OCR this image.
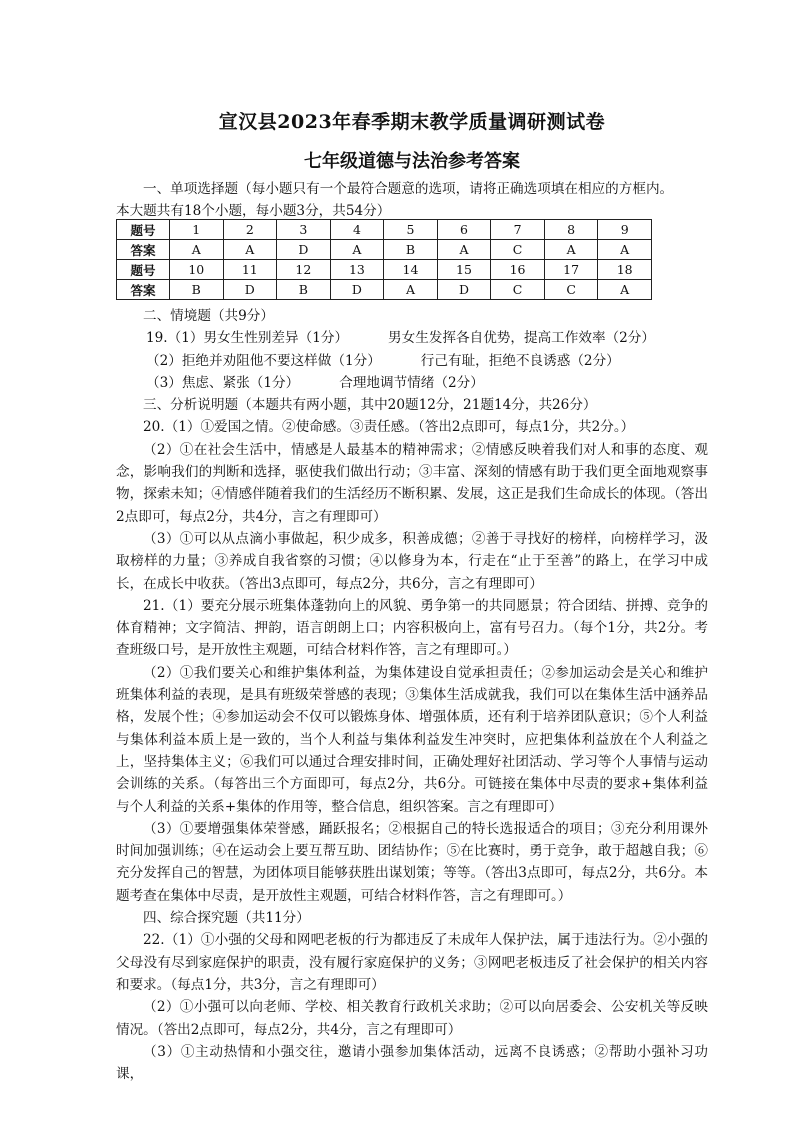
宣汉县2023年春季期末教学质量调研测试卷
七年级道德与法治参考答案

一、单项选择题（每小题只有一个最符合题意的选项，请将正确选项填在相应的方框内。

本大题共有18个小题，每小题3分，共54分）

题号	1	2	3	4	5	6	7	8	9
答案	A	A	D	A	B	A	C	A	A
题号	10	11	12	13	14	15	16	17	18
答案	B	D	B	D	A	D	C	C	A

二、情境题（共9分）

19.（1）男女生性别差异（1分）	男女生发挥各自优势，提高工作效率（2分）

（2）拒绝并劝阻他不要这样做（1分）	行己有耻，拒绝不良诱惑（2分）

（3）焦虑、紧张（1分）	合理地调节情绪（2分）

三、分析说明题（本题共有两小题，其中20题12分，21题14分，共26分）

20.（1）①爱国之情。②使命感。③责任感。（答出2点即可，每点1分，共2分。）

（2）①在社会生活中，情感是人最基本的精神需求；②情感反映着我们对人和事的态度、观念，影响我们的判断和选择，驱使我们做出行动；③丰富、深刻的情感有助于我们更全面地观察事物，探索未知；④情感伴随着我们的生活经历不断积累、发展，这正是我们生命成长的体现。（答出2点即可，每点2分，共4分，言之有理即可）

（3）①可以从点滴小事做起，积少成多，积善成德；②善于寻找好的榜样，向榜样学习，汲取榜样的力量；③养成自我省察的习惯；④以修身为本，行走在“止于至善”的路上，在学习中成长，在成长中收获。（答出3点即可，每点2分，共6分，言之有理即可）

21.（1）要充分展示班集体蓬勃向上的风貌、勇争第一的共同愿景；符合团结、拼搏、竞争的体育精神；文字简洁、押韵，语言朗朗上口；内容积极向上，富有号召力。（每个1分，共2分。考查班级口号，是开放性主观题，可结合材料作答，言之有理即可。）

（2）①我们要关心和维护集体利益，为集体建设自觉承担责任；②参加运动会是关心和维护班集体利益的表现，是具有班级荣誉感的表现；③集体生活成就我，我们可以在集体生活中涵养品格，发展个性；④参加运动会不仅可以锻炼身体、增强体质，还有利于培养团队意识；⑤个人利益与集体利益本质上是一致的，当个人利益与集体利益发生冲突时，应把集体利益放在个人利益之上，坚持集体主义；⑥我们可以通过合理安排时间，正确处理好社团活动、学习等个人事情与运动会训练的关系。（每答出三个方面即可，每点2分，共6分。可链接在集体中尽责的要求+集体利益与个人利益的关系+集体的作用等，整合信息，组织答案。言之有理即可）

（3）①要增强集体荣誉感，踊跃报名；②根据自己的特长选报适合的项目；③充分利用课外时间加强训练；④在运动会上要互帮互助、团结协作；⑤在比赛时，勇于竞争，敢于超越自我；⑥充分发挥自己的智慧，为团体项目能够获胜出谋划策；等等。（答出3点即可，每点2分，共6分。本题考查在集体中尽责，是开放性主观题，可结合材料作答，言之有理即可。）

四、综合探究题（共11分）

22.（1）①小强的父母和网吧老板的行为都违反了未成年人保护法，属于违法行为。②小强的父母没有尽到家庭保护的职责，没有履行家庭保护的义务；③网吧老板违反了社会保护的相关内容和要求。（每点1分，共3分，言之有理即可）

（2）①小强可以向老师、学校、相关教育行政机关求助；②可以向居委会、公安机关等反映情况。（答出2点即可，每点2分，共4分，言之有理即可）

（3）①主动热情和小强交往，邀请小强参加集体活动，远离不良诱惑；②帮助小强补习功课，
